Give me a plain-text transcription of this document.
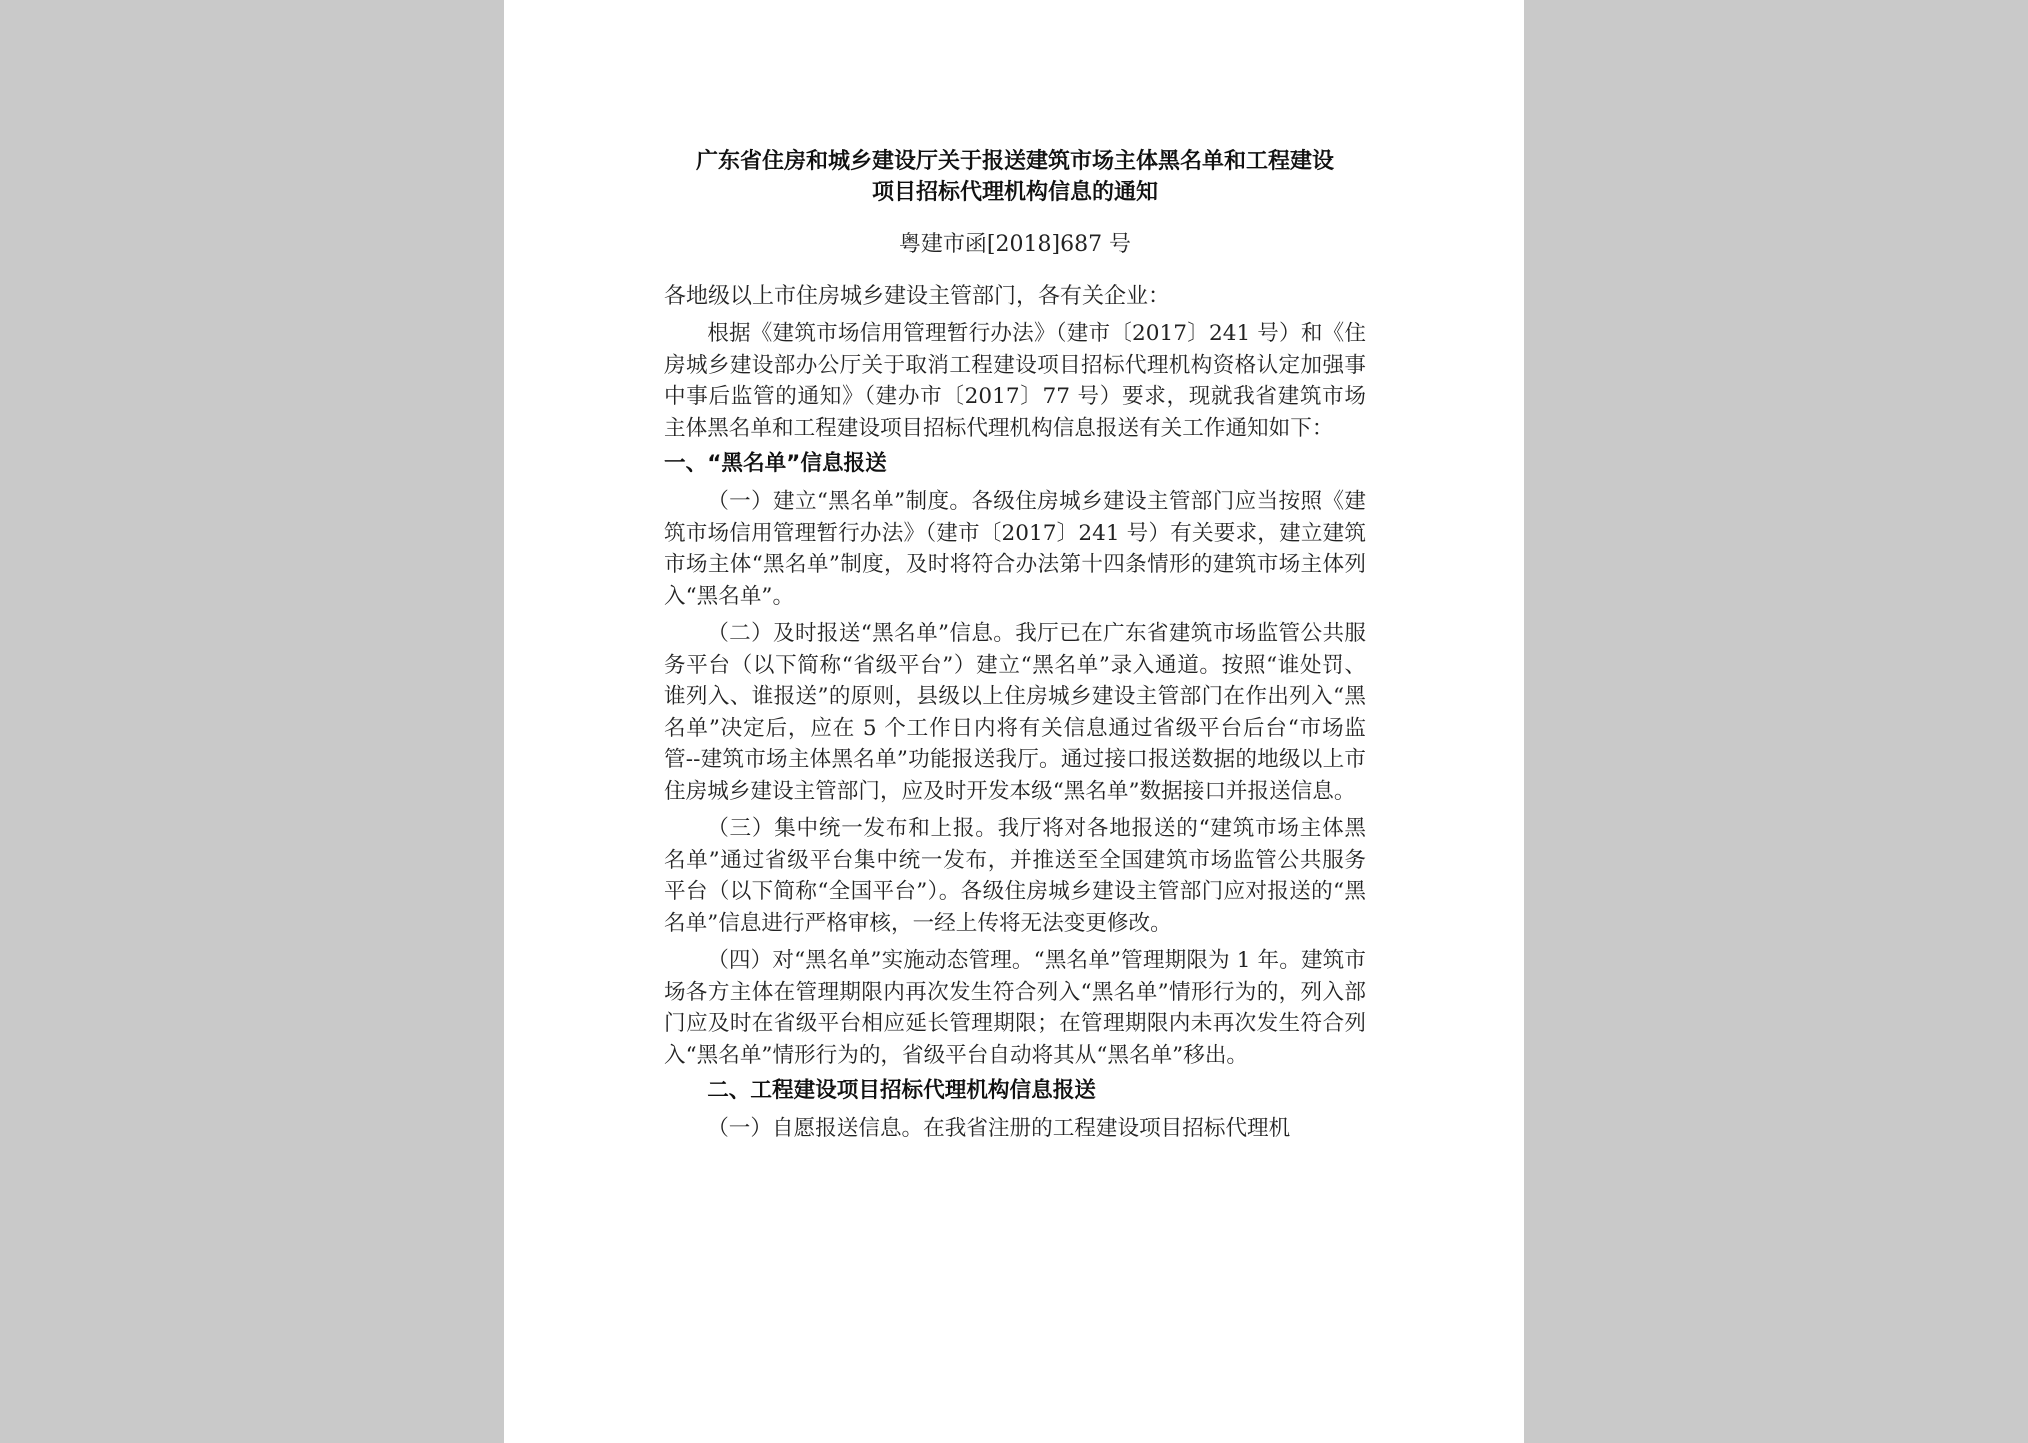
广东省住房和城乡建设厅关于报送建筑市场主体黑名单和工程建设
项目招标代理机构信息的通知
粤建市函[2018]687 号
各地级以上市住房城乡建设主管部门，各有关企业：
根据《建筑市场信用管理暂行办法》（建市〔2017〕241 号）和《住房城乡建设部办公厅关于取消工程建设项目招标代理机构资格认定加强事中事后监管的通知》（建办市〔2017〕77 号）要求，现就我省建筑市场主体黑名单和工程建设项目招标代理机构信息报送有关工作通知如下：
一、“黑名单”信息报送
（一）建立“黑名单”制度。各级住房城乡建设主管部门应当按照《建筑市场信用管理暂行办法》（建市〔2017〕241 号）有关要求，建立建筑市场主体“黑名单”制度，及时将符合办法第十四条情形的建筑市场主体列入“黑名单”。
（二）及时报送“黑名单”信息。我厅已在广东省建筑市场监管公共服务平台（以下简称“省级平台”）建立“黑名单”录入通道。按照“谁处罚、谁列入、谁报送”的原则，县级以上住房城乡建设主管部门在作出列入“黑名单”决定后，应在 5 个工作日内将有关信息通过省级平台后台“市场监管--建筑市场主体黑名单”功能报送我厅。通过接口报送数据的地级以上市住房城乡建设主管部门，应及时开发本级“黑名单”数据接口并报送信息。
（三）集中统一发布和上报。我厅将对各地报送的“建筑市场主体黑名单”通过省级平台集中统一发布，并推送至全国建筑市场监管公共服务平台（以下简称“全国平台”）。各级住房城乡建设主管部门应对报送的“黑名单”信息进行严格审核，一经上传将无法变更修改。
（四）对“黑名单”实施动态管理。“黑名单”管理期限为 1 年。建筑市场各方主体在管理期限内再次发生符合列入“黑名单”情形行为的，列入部门应及时在省级平台相应延长管理期限；在管理期限内未再次发生符合列入“黑名单”情形行为的，省级平台自动将其从“黑名单”移出。
二、工程建设项目招标代理机构信息报送
（一）自愿报送信息。在我省注册的工程建设项目招标代理机
